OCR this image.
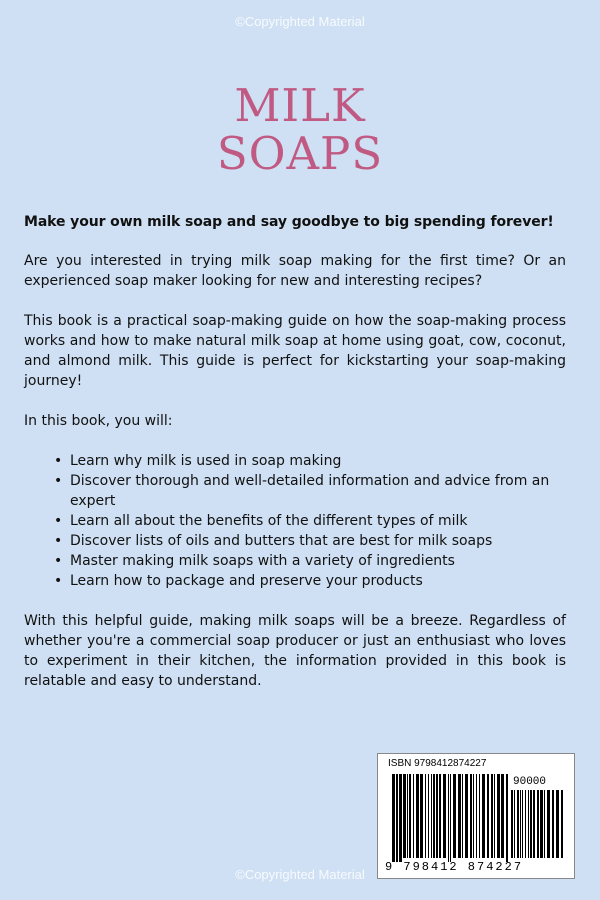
©Copyrighted Material
MILK
SOAPS

Make your own milk soap and say goodbye to big spending forever!

Are you interested in trying milk soap making for the first time? Or an experienced soap maker looking for new and interesting recipes?

This book is a practical soap-making guide on how the soap-making process works and how to make natural milk soap at home using goat, cow, coconut, and almond milk. This guide is perfect for kickstarting your soap-making journey!

In this book, you will:

• Learn why milk is used in soap making
• Discover thorough and well-detailed information and advice from an expert
• Learn all about the benefits of the different types of milk
• Discover lists of oils and butters that are best for milk soaps
• Master making milk soaps with a variety of ingredients
• Learn how to package and preserve your products

With this helpful guide, making milk soaps will be a breeze. Regardless of whether you're a commercial soap producer or just an enthusiast who loves to experiment in their kitchen, the information provided in this book is relatable and easy to understand.

ISBN 9798412874227
90000
9 798412 874227
©Copyrighted Material
